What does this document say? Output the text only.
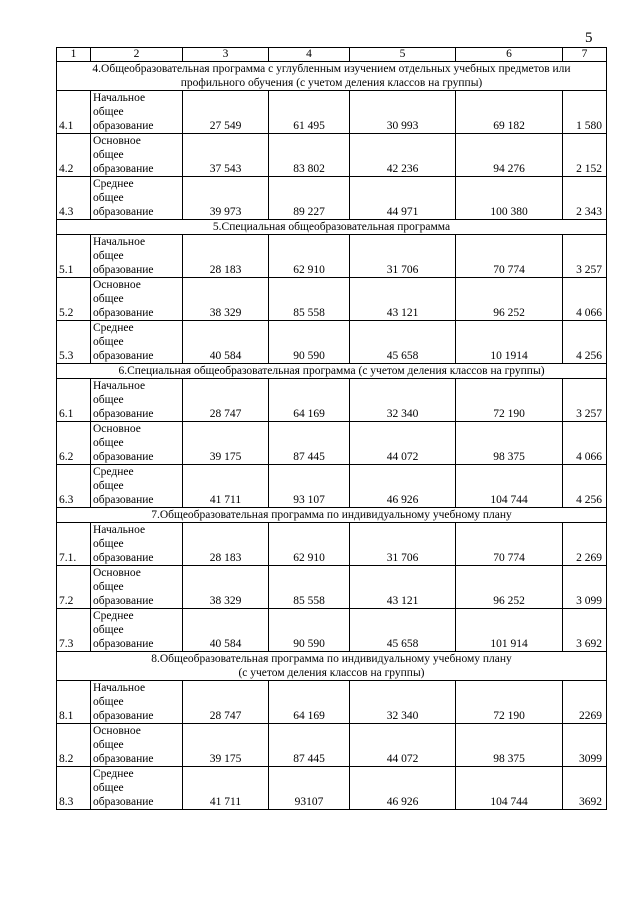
5
1	2	3	4	5	6	7
4.Общеобразовательная программа с углубленным изучением отдельных учебных предметов или профильного обучения (с учетом деления классов на группы)						
4.1	Начальное
общее
образование	27 549	61 495	30 993	69 182	1 580
4.2	Основное
общее
образование	37 543	83 802	42 236	94 276	2 152
4.3	Среднее
общее
образование	39 973	89 227	44 971	100 380	2 343
5.Специальная общеобразовательная программа						
5.1	Начальное
общее
образование	28 183	62 910	31 706	70 774	3 257
5.2	Основное
общее
образование	38 329	85 558	43 121	96 252	4 066
5.3	Среднее
общее
образование	40 584	90 590	45 658	10 1914	4 256
6.Специальная общеобразовательная программа (с учетом деления классов на группы)						
6.1	Начальное
общее
образование	28 747	64 169	32 340	72 190	3 257
6.2	Основное
общее
образование	39 175	87 445	44 072	98 375	4 066
6.3	Среднее
общее
образование	41 711	93 107	46 926	104 744	4 256
7.Общеобразовательная программа по индивидуальному учебному плану						
7.1.	Начальное
общее
образование	28 183	62 910	31 706	70 774	2 269
7.2	Основное
общее
образование	38 329	85 558	43 121	96 252	3 099
7.3	Среднее
общее
образование	40 584	90 590	45 658	101 914	3 692
8.Общеобразовательная программа по индивидуальному учебному плану
(с учетом деления классов на группы)						
8.1	Начальное
общее
образование	28 747	64 169	32 340	72 190	2269
8.2	Основное
общее
образование	39 175	87 445	44 072	98 375	3099
8.3	Среднее
общее
образование	41 711	93107	46 926	104 744	3692
